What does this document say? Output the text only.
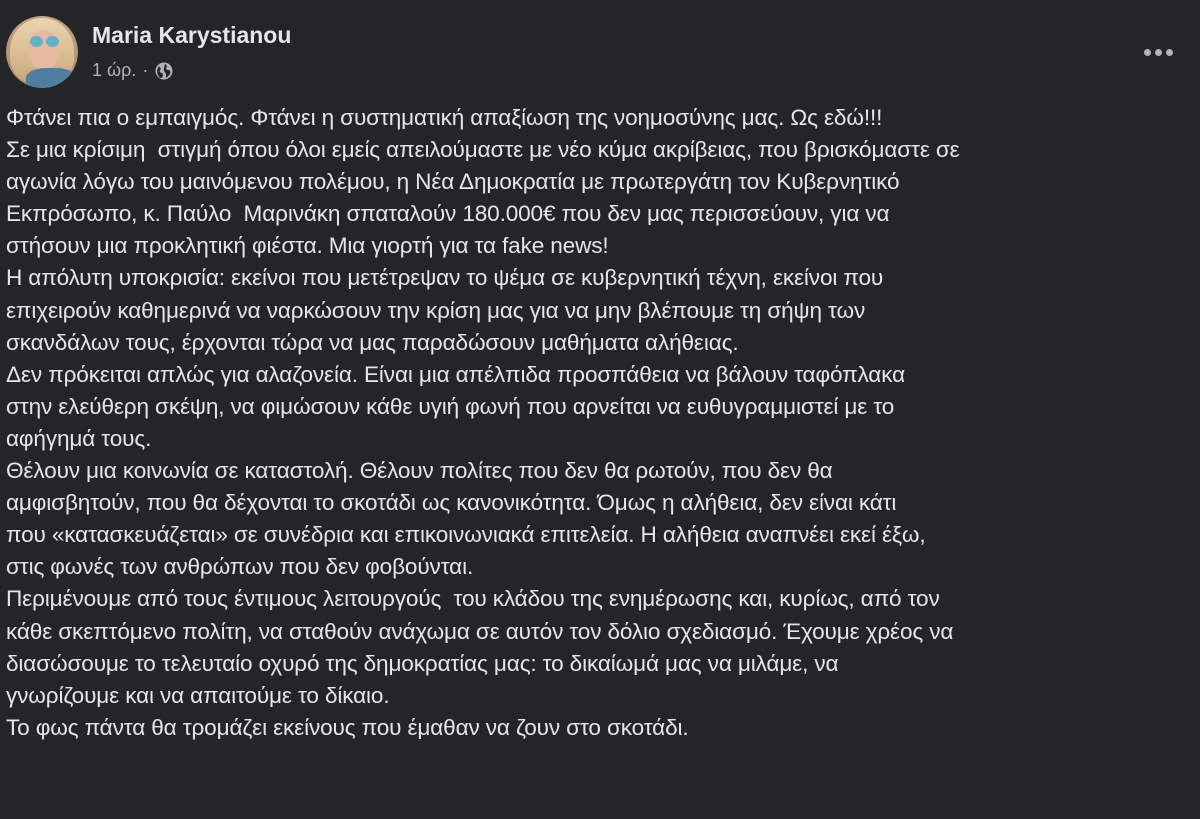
Maria Karystianou
1 ώρ. ·

Φτάνει πια ο εμπαιγμός. Φτάνει η συστηματική απαξίωση της νοημοσύνης μας. Ως εδώ!!!

Σε μια κρίσιμη  στιγμή όπου όλοι εμείς απειλούμαστε με νέο κύμα ακρίβειας, που βρισκόμαστε σε

αγωνία λόγω του μαινόμενου πολέμου, η Νέα Δημοκρατία με πρωτεργάτη τον Κυβερνητικό

Εκπρόσωπο, κ. Παύλο  Μαρινάκη σπαταλούν 180.000€ που δεν μας περισσεύουν, για να

στήσουν μια προκλητική φιέστα. Μια γιορτή για τα fake news!

Η απόλυτη υποκρισία: εκείνοι που μετέτρεψαν το ψέμα σε κυβερνητική τέχνη, εκείνοι που

επιχειρούν καθημερινά να ναρκώσουν την κρίση μας για να μην βλέπουμε τη σήψη των

σκανδάλων τους, έρχονται τώρα να μας παραδώσουν μαθήματα αλήθειας.

Δεν πρόκειται απλώς για αλαζονεία. Είναι μια απέλπιδα προσπάθεια να βάλουν ταφόπλακα

στην ελεύθερη σκέψη, να φιμώσουν κάθε υγιή φωνή που αρνείται να ευθυγραμμιστεί με το

αφήγημά τους.

Θέλουν μια κοινωνία σε καταστολή. Θέλουν πολίτες που δεν θα ρωτούν, που δεν θα

αμφισβητούν, που θα δέχονται το σκοτάδι ως κανονικότητα. Όμως η αλήθεια, δεν είναι κάτι

που «κατασκευάζεται» σε συνέδρια και επικοινωνιακά επιτελεία. Η αλήθεια αναπνέει εκεί έξω,

στις φωνές των ανθρώπων που δεν φοβούνται.

Περιμένουμε από τους έντιμους λειτουργούς  του κλάδου της ενημέρωσης και, κυρίως, από τον

κάθε σκεπτόμενο πολίτη, να σταθούν ανάχωμα σε αυτόν τον δόλιο σχεδιασμό. Έχουμε χρέος να

διασώσουμε το τελευταίο οχυρό της δημοκρατίας μας: το δικαίωμά μας να μιλάμε, να

γνωρίζουμε και να απαιτούμε το δίκαιο.

Το φως πάντα θα τρομάζει εκείνους που έμαθαν να ζουν στο σκοτάδι.
